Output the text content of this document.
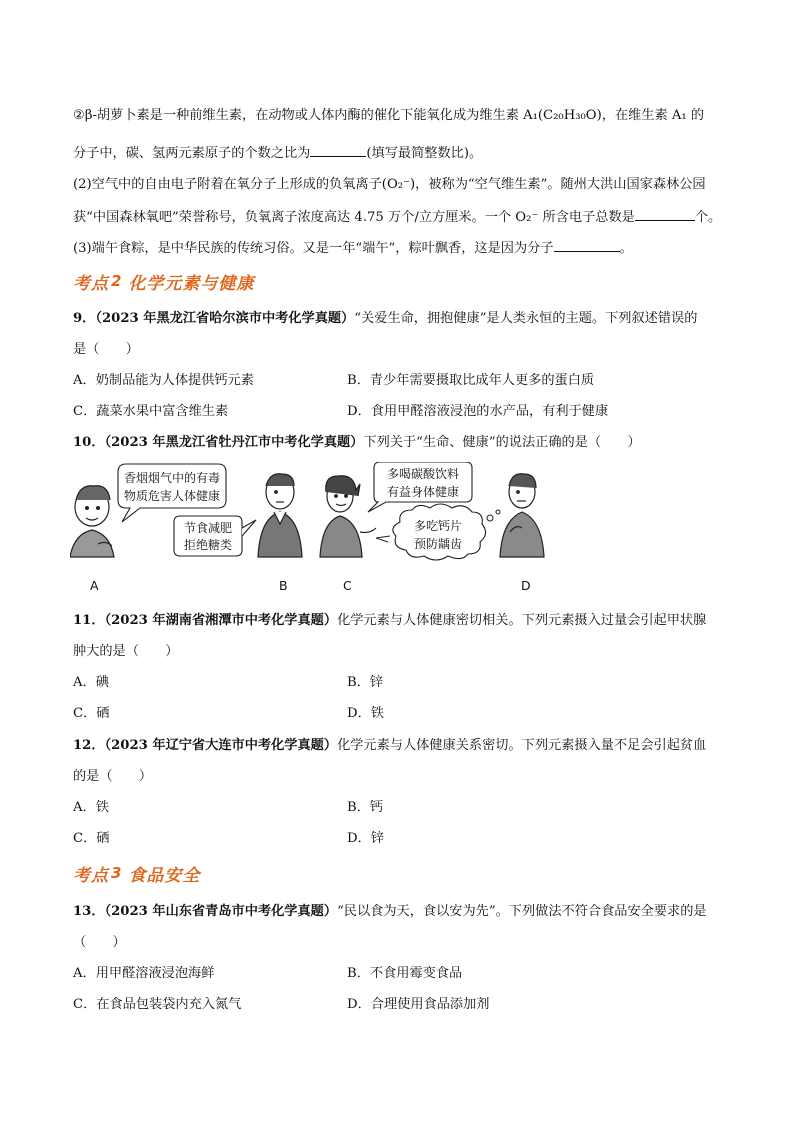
②β-胡萝卜素是一种前维生素，在动物或人体内酶的催化下能氧化成为维生素 A₁(C₂₀H₃₀O)，在维生素 A₁ 的
分子中，碳、氢两元素原子的个数之比为	(填写最简整数比)。
(2)空气中的自由电子附着在氧分子上形成的负氧离子(O₂⁻)，被称为“空气维生素”。随州大洪山国家森林公园
获“中国森林氧吧”荣誉称号，负氧离子浓度高达 4.75 万个/立方厘米。一个 O₂⁻ 所含电子总数是	个。
(3)端午食粽，是中华民族的传统习俗。又是一年“端午”，粽叶飘香，这是因为分子	。
考点 2 化学元素与健康
9．（2023 年黑龙江省哈尔滨市中考化学真题）“关爱生命，拥抱健康”是人类永恒的主题。下列叙述错误的
是（　　）
A．奶制品能为人体提供钙元素	B．青少年需要摄取比成年人更多的蛋白质
C．蔬菜水果中富含维生素	D．食用甲醛溶液浸泡的水产品，有利于健康
10．（2023 年黑龙江省牡丹江市中考化学真题）下列关于“生命、健康”的说法正确的是（　　）
香烟烟气中的有毒
物质危害人体健康
节食减肥
拒绝糖类
多喝碳酸饮料
有益身体健康
多吃钙片
预防龋齿
A	B	C	D
11．（2023 年湖南省湘潭市中考化学真题）化学元素与人体健康密切相关。下列元素摄入过量会引起甲状腺
肿大的是（　　）
A．碘	B．锌
C．硒	D．铁
12．（2023 年辽宁省大连市中考化学真题）化学元素与人体健康关系密切。下列元素摄入量不足会引起贫血
的是（　　）
A．铁	B．钙
C．硒	D．锌
考点 3 食品安全
13．（2023 年山东省青岛市中考化学真题）“民以食为天，食以安为先”。下列做法不符合食品安全要求的是
（　　）
A．用甲醛溶液浸泡海鲜	B．不食用霉变食品
C．在食品包装袋内充入氮气	D．合理使用食品添加剂
